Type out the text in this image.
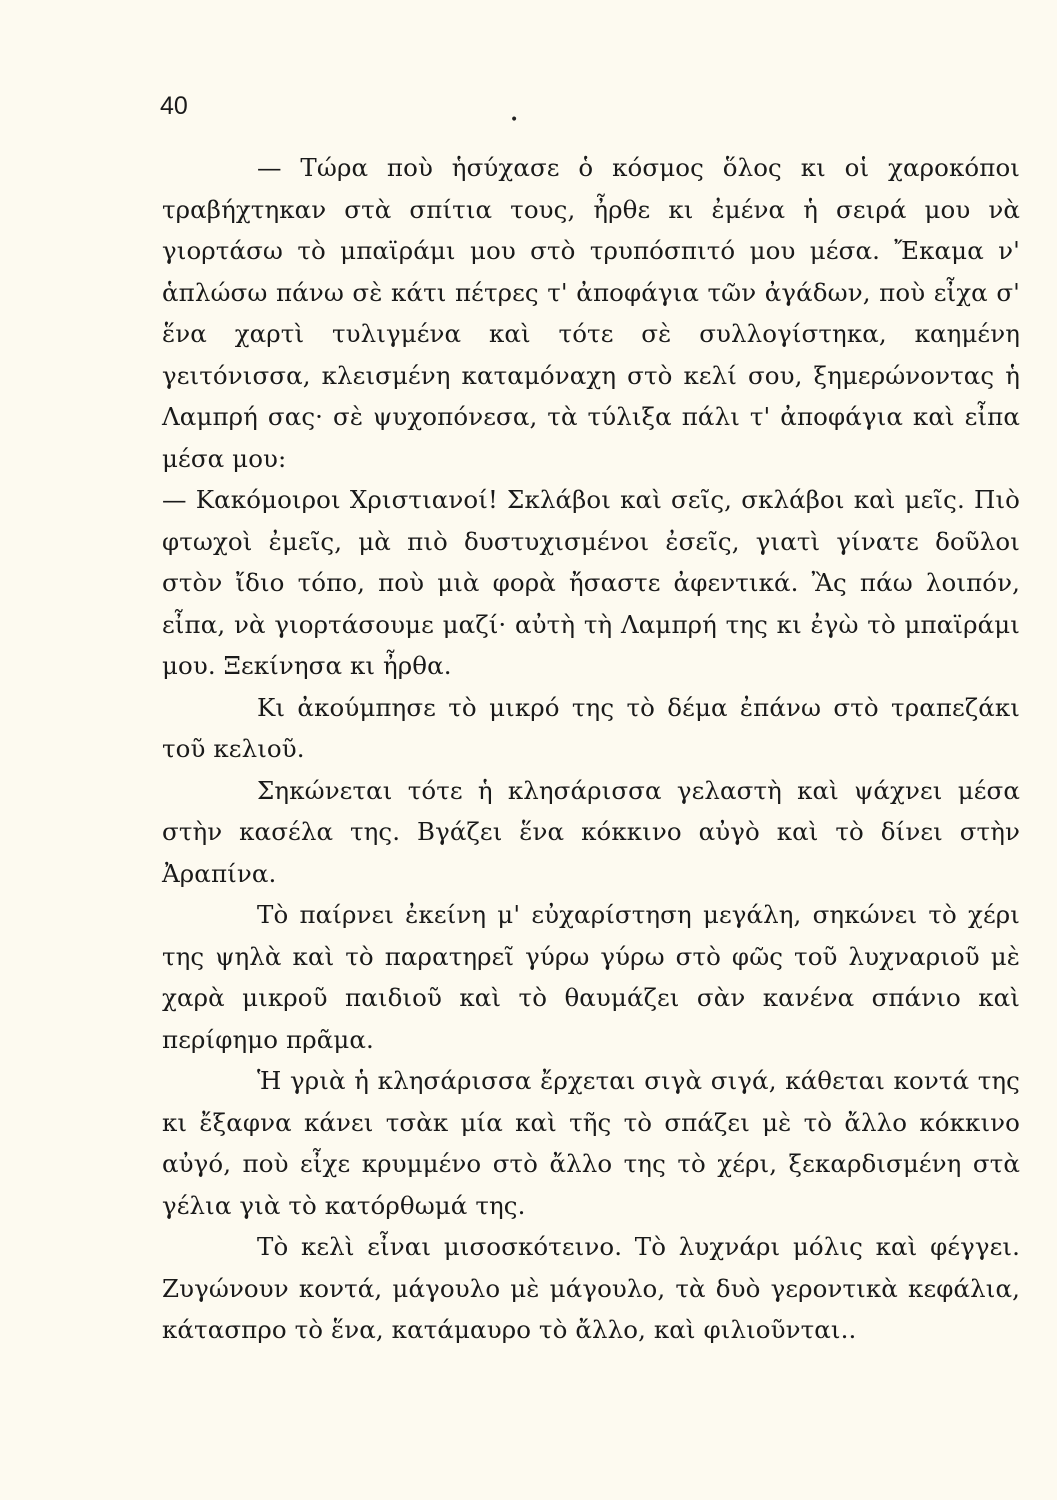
40	•

— Τώρα ποὺ ἡσύχασε ὁ κόσμος ὅλος κι οἱ χαροκόποι τραβήχτηκαν στὰ σπίτια τους, ἦρθε κι ἐμένα ἡ σειρά μου νὰ γιορτάσω τὸ μπαϊράμι μου στὸ τρυπόσπιτό μου μέσα. Ἔκαμα ν' ἁπλώσω πάνω σὲ κάτι πέτρες τ' ἀποφάγια τῶν ἀγάδων, ποὺ εἶχα σ' ἕνα χαρτὶ τυλιγμένα καὶ τότε σὲ συλλογίστηκα, καημένη γειτόνισσα, κλεισμένη καταμόναχη στὸ κελί σου, ξημερώνοντας ἡ Λαμπρή σας· σὲ ψυχοπόνεσα, τὰ τύλιξα πάλι τ' ἀποφάγια καὶ εἶπα μέσα μου:

— Κακόμοιροι Χριστιανοί! Σκλάβοι καὶ σεῖς, σκλάβοι καὶ μεῖς. Πιὸ φτωχοὶ ἐμεῖς, μὰ πιὸ δυστυχισμένοι ἐσεῖς, γιατὶ γίνατε δοῦλοι στὸν ἴδιο τόπο, ποὺ μιὰ φορὰ ἤσαστε ἀφεντικά. Ἂς πάω λοιπόν, εἶπα, νὰ γιορτάσουμε μαζί· αὐτὴ τὴ Λαμπρή της κι ἐγὼ τὸ μπαϊράμι μου. Ξεκίνησα κι ἦρθα.

Κι ἀκούμπησε τὸ μικρό της τὸ δέμα ἐπάνω στὸ τραπεζάκι τοῦ κελιοῦ.

Σηκώνεται τότε ἡ κλησάρισσα γελαστὴ καὶ ψάχνει μέσα στὴν κασέλα της. Βγάζει ἕνα κόκκινο αὐγὸ καὶ τὸ δίνει στὴν Ἀραπίνα.

Τὸ παίρνει ἐκείνη μ' εὐχαρίστηση μεγάλη, σηκώνει τὸ χέρι της ψηλὰ καὶ τὸ παρατηρεῖ γύρω γύρω στὸ φῶς τοῦ λυχναριοῦ μὲ χαρὰ μικροῦ παιδιοῦ καὶ τὸ θαυμάζει σὰν κανένα σπάνιο καὶ περίφημο πρᾶμα.

Ἡ γριὰ ἡ κλησάρισσα ἔρχεται σιγὰ σιγά, κάθεται κοντά της κι ἔξαφνα κάνει τσὰκ μία καὶ τῆς τὸ σπάζει μὲ τὸ ἄλλο κόκκινο αὐγό, ποὺ εἶχε κρυμμένο στὸ ἄλλο της τὸ χέρι, ξεκαρδισμένη στὰ γέλια γιὰ τὸ κατόρθωμά της.

Τὸ κελὶ εἶναι μισοσκότεινο. Τὸ λυχνάρι μόλις καὶ φέγγει. Ζυγώνουν κοντά, μάγουλο μὲ μάγουλο, τὰ δυὸ γεροντικὰ κεφάλια, κάτασπρο τὸ ἕνα, κατάμαυρο τὸ ἄλλο, καὶ φιλιοῦνται..
